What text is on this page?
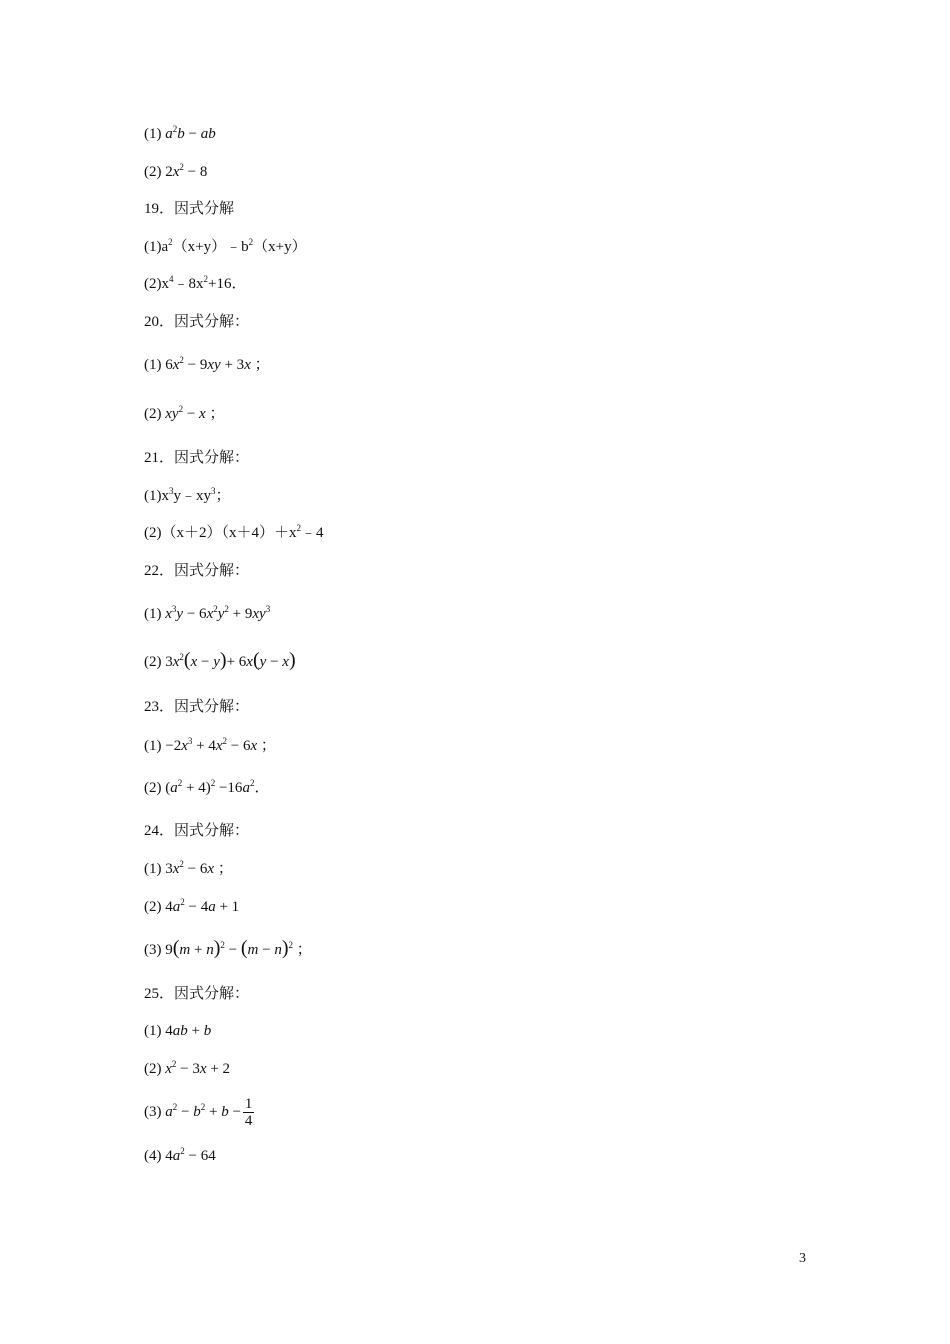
(1) $a^2b$ − ab
(2) $2x^2 - 8$
19．因式分解
$(1)a^2(x+y)﹣b^2(x+y)$
$(2)x^4﹣8x^2+16$．
20．因式分解：
(1) $6x^2 - 9xy + 3x$ ；
(2) $xy^2 - x$ ；
21．因式分解：
$(1)x^3y﹣xy^3$；
$(2)(x+2)(x+4)+x^2﹣4$
22．因式分解：
(1) $x^3y - 6x^2y^2 + 9xy^3$
(2) $3x^2(x - y)+ 6x(y - x)$
23．因式分解：
$(1) -2x^3 + 4x^2 - 6x$ ；
(2) $(a^2 + 4)^2 -16a^2$．
24．因式分解：
(1) $3x^2 - 6x$ ；
(2) $4a^2 - 4a + 1$
(3) $9(m + n)^2 - (m - n)^2$ ；
25．因式分解：
(1) 4ab + b
(2) $x^2 - 3x + 2$
(3) $a^2 - b^2 + b - \frac{1}{4}$
(4) $4a^2 - 64$
3
